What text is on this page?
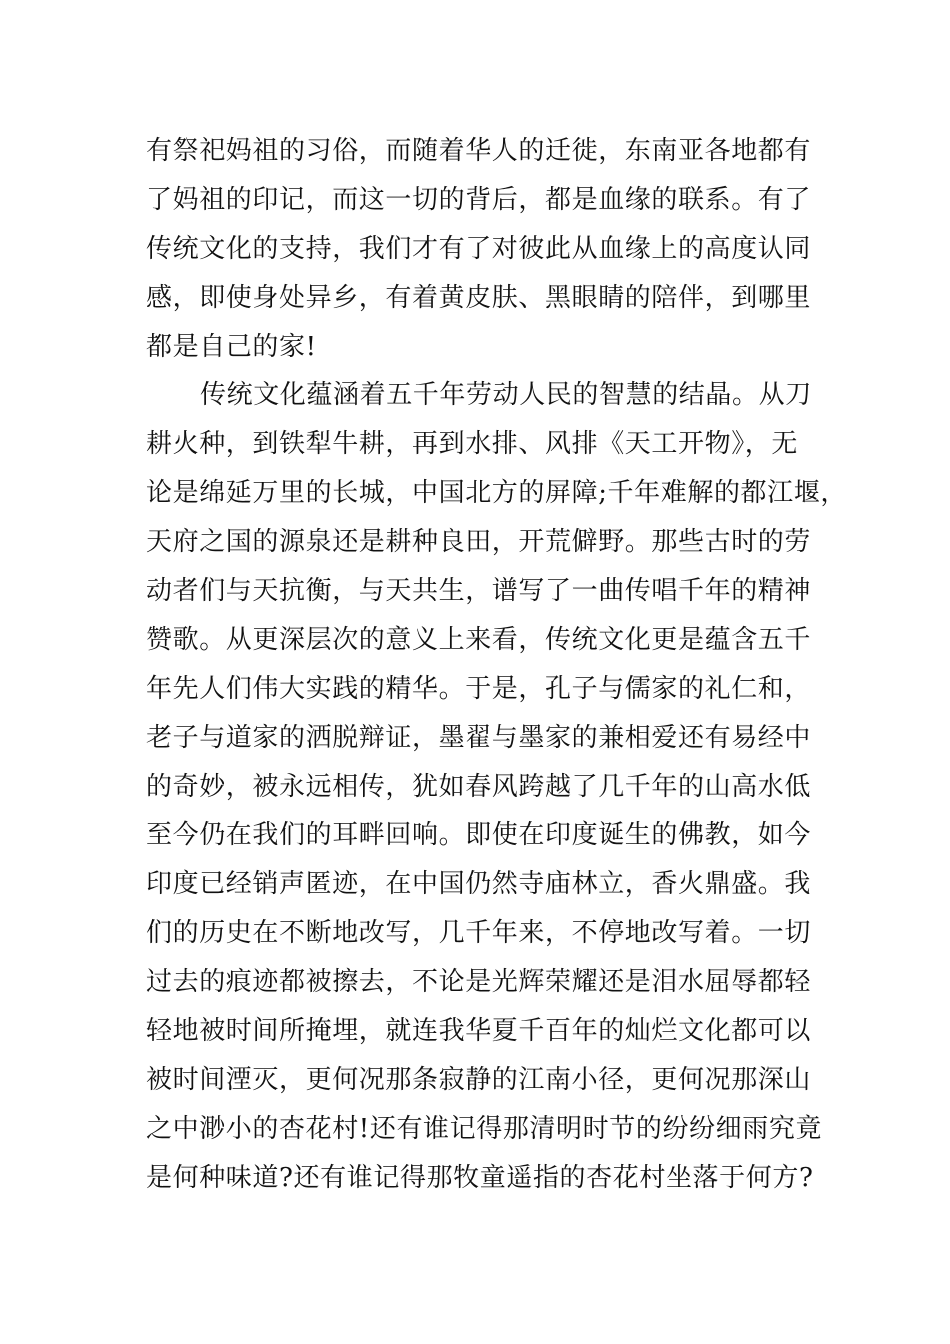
有祭祀妈祖的习俗，而随着华人的迁徙，东南亚各地都有
了妈祖的印记，而这一切的背后，都是血缘的联系。有了
传统文化的支持，我们才有了对彼此从血缘上的高度认同
感，即使身处异乡，有着黄皮肤、黑眼睛的陪伴，到哪里
都是自己的家!
传统文化蕴涵着五千年劳动人民的智慧的结晶。从刀
耕火种，到铁犁牛耕，再到水排、风排《天工开物》，无
论是绵延万里的长城，中国北方的屏障;千年难解的都江堰，
天府之国的源泉还是耕种良田，开荒僻野。那些古时的劳
动者们与天抗衡，与天共生，谱写了一曲传唱千年的精神
赞歌。从更深层次的意义上来看，传统文化更是蕴含五千
年先人们伟大实践的精华。于是，孔子与儒家的礼仁和，
老子与道家的洒脱辩证，墨翟与墨家的兼相爱还有易经中
的奇妙，被永远相传，犹如春风跨越了几千年的山高水低
至今仍在我们的耳畔回响。即使在印度诞生的佛教，如今
印度已经销声匿迹，在中国仍然寺庙林立，香火鼎盛。我
们的历史在不断地改写，几千年来，不停地改写着。一切
过去的痕迹都被擦去，不论是光辉荣耀还是泪水屈辱都轻
轻地被时间所掩埋，就连我华夏千百年的灿烂文化都可以
被时间湮灭，更何况那条寂静的江南小径，更何况那深山
之中渺小的杏花村!还有谁记得那清明时节的纷纷细雨究竟
是何种味道?还有谁记得那牧童遥指的杏花村坐落于何方?
